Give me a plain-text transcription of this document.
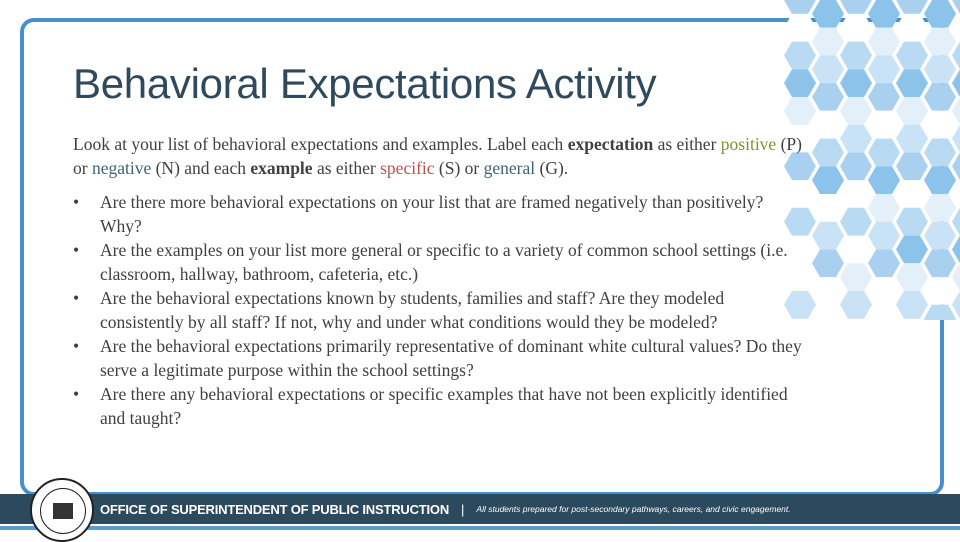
Behavioral Expectations Activity
Look at your list of behavioral expectations and examples. Label each expectation as either positive (P) or negative (N) and each example as either specific (S) or general (G).
• Are there more behavioral expectations on your list that are framed negatively than positively? Why?
• Are the examples on your list more general or specific to a variety of common school settings (i.e. classroom, hallway, bathroom, cafeteria, etc.)
• Are the behavioral expectations known by students, families and staff? Are they modeled consistently by all staff? If not, why and under what conditions would they be modeled?
• Are the behavioral expectations primarily representative of dominant white cultural values? Do they serve a legitimate purpose within the school settings?
• Are there any behavioral expectations or specific examples that have not been explicitly identified and taught?
OFFICE OF SUPERINTENDENT OF PUBLIC INSTRUCTION | All students prepared for post-secondary pathways, careers, and civic engagement.
